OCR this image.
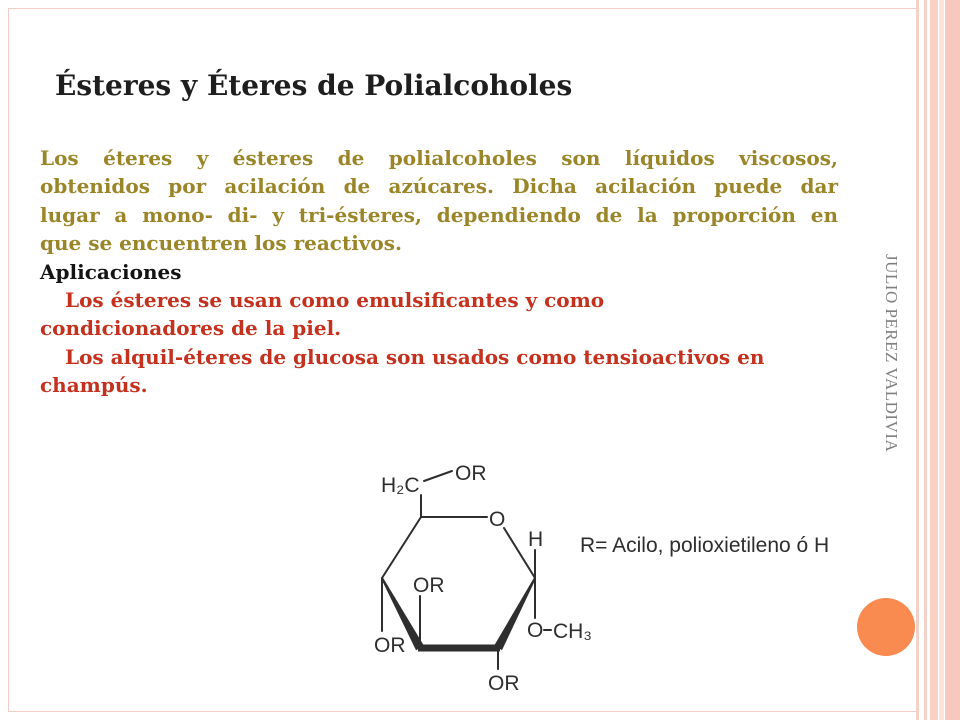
Ésteres y Éteres de Polialcoholes
Los éteres y ésteres de polialcoholes son líquidos viscosos,
obtenidos por acilación de azúcares. Dicha acilación puede dar
lugar a mono- di- y tri-ésteres, dependiendo de la proporción en
que se encuentren los reactivos.
Aplicaciones
Los ésteres se usan como emulsificantes y como
condicionadores de la piel.
Los alquil-éteres de glucosa son usados como tensioactivos en
champús.	JULIO PEREZ VALDIVIA
H₂C
OR
O
H
OR
OR
O CH₃
OR
R= Acilo, polioxietileno ó H
